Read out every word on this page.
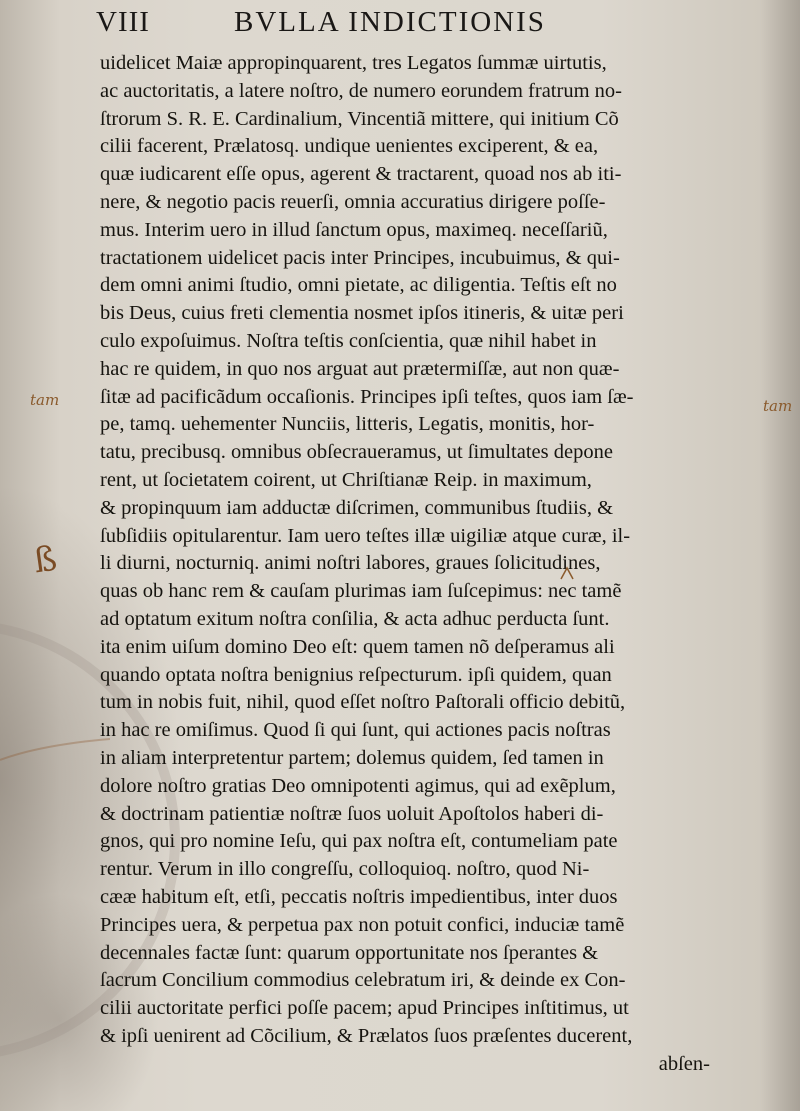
VIII	BVLLA INDICTIONIS
uidelicet Maiæ appropinquarent, tres Legatos ſummæ uirtutis,
ac auctoritatis, a latere noſtro, de numero eorundem fratrum no-
ſtrorum S. R. E. Cardinalium, Vincentiã mittere, qui initium Cõ
cilii facerent, Prælatosq. undique uenientes exciperent, & ea,
quæ iudicarent eſſe opus, agerent & tractarent, quoad nos ab iti-
nere, & negotio pacis reuerſi, omnia accuratius dirigere poſſe-
mus. Interim uero in illud ſanctum opus, maximeq. neceſſariũ,
tractationem uidelicet pacis inter Principes, incubuimus, & qui-
dem omni animi ſtudio, omni pietate, ac diligentia. Teſtis eſt no
bis Deus, cuius freti clementia nosmet ipſos itineris, & uitæ peri
culo expoſuimus. Noſtra teſtis conſcientia, quæ nihil habet in
hac re quidem, in quo nos arguat aut prætermiſſæ, aut non quæ-
ſitæ ad pacificãdum occaſionis. Principes ipſi teſtes, quos iam ſæ-
pe, tamq. uehementer Nunciis, litteris, Legatis, monitis, hor-
tatu, precibusq. omnibus obſecraueramus, ut ſimultates depone
rent, ut ſocietatem coirent, ut Chriſtianæ Reip. in maximum,
& propinquum iam adductæ diſcrimen, communibus ſtudiis, &
ſubſidiis opitularentur. Iam uero teſtes illæ uigiliæ atque curæ, il-
li diurni, nocturniq. animi noſtri labores, graues ſolicitudines,
quas ob hanc rem & cauſam plurimas iam ſuſcepimus: nec tamẽ
ad optatum exitum noſtra conſilia, & acta adhuc perducta ſunt.
ita enim uiſum domino Deo eſt: quem tamen nõ deſperamus ali
quando optata noſtra benignius reſpecturum. ipſi quidem, quan
tum in nobis fuit, nihil, quod eſſet noſtro Paſtorali officio debitũ,
in hac re omiſimus. Quod ſi qui ſunt, qui actiones pacis noſtras
in aliam interpretentur partem; dolemus quidem, ſed tamen in
dolore noſtro gratias Deo omnipotenti agimus, qui ad exẽplum,
& doctrinam patientiæ noſtræ ſuos uoluit Apoſtolos haberi di-
gnos, qui pro nomine Ieſu, qui pax noſtra eſt, contumeliam pate
rentur. Verum in illo congreſſu, colloquioq. noſtro, quod Ni-
cææ habitum eſt, etſi, peccatis noſtris impedientibus, inter duos
Principes uera, & perpetua pax non potuit confici, induciæ tamẽ
decennales factæ ſunt: quarum opportunitate nos ſperantes &
ſacrum Concilium commodius celebratum iri, & deinde ex Con-
cilii auctoritate perfici poſſe pacem; apud Principes inſtitimus, ut
& ipſi uenirent ad Cõcilium, & Prælatos ſuos præſentes ducerent,
abſen-
tam	tam
ß
